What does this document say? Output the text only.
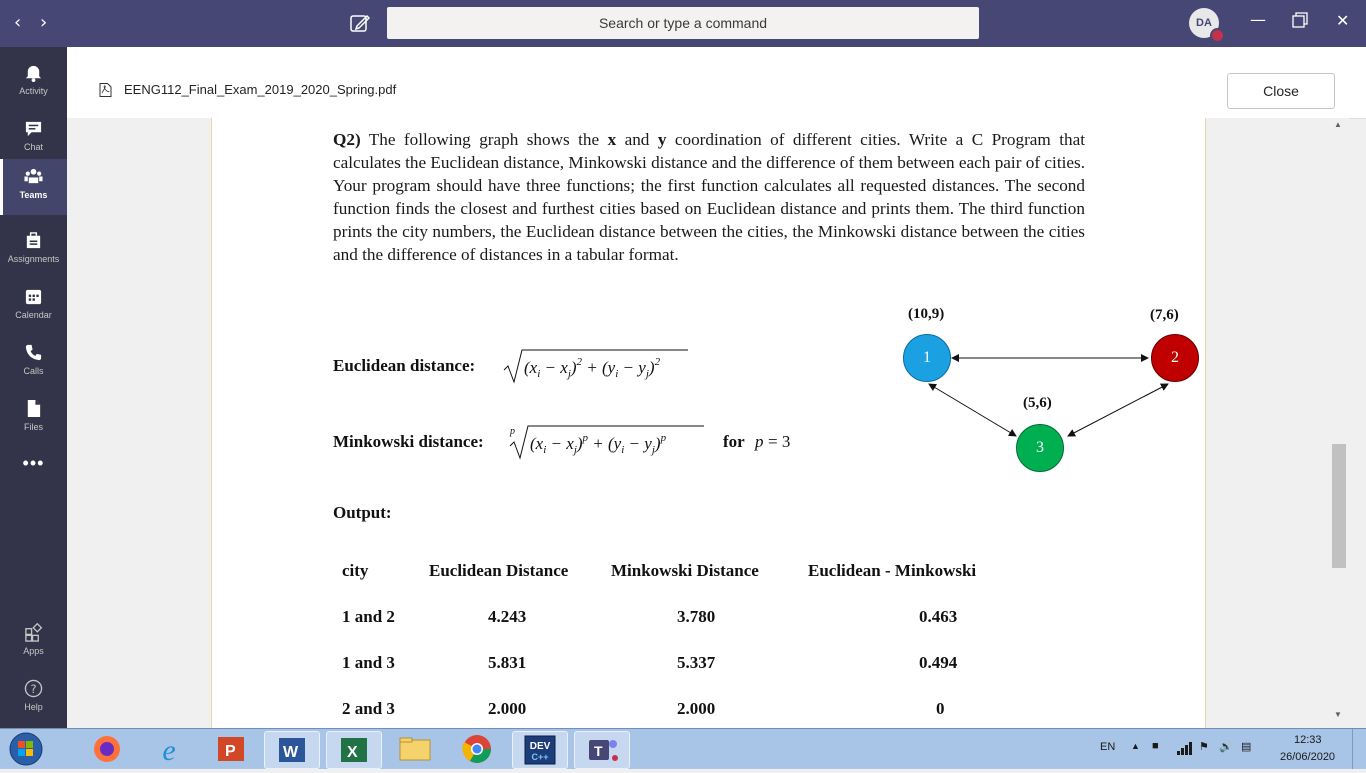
‹ ›	Search or type a command	DA	—	✕
Activity
Chat
Teams
Assignments
Calendar
Calls
Files
•••
Apps
?
Help
EENG112_Final_Exam_2019_2020_Spring.pdf	Close
Q2) The following graph shows the x and y coordination of different cities. Write a C Program that calculates the Euclidean distance, Minkowski distance and the difference of them between each pair of cities. Your program should have three functions; the first function calculates all requested distances. The second function finds the closest and furthest cities based on Euclidean distance and prints them. The third function prints the city numbers, the Euclidean distance between the cities, the Minkowski distance between the cities and the difference of distances in a tabular format.
Euclidean distance:	$(x_i - x_j)^2 + (y_i - y_j)^2$
Minkowski distance:
p
$(x_i - x_j)^p + (y_i - y_j)^p$	for p = 3
1	2
3
(10,9)	(7,6)
(5,6)
Output:
city	Euclidean Distance	Minkowski Distance	Euclidean - Minkowski
1 and 2	4.243	3.780	0.463
1 and 3	5.831	5.337	0.494
2 and 3	2.000	2.000	0
▲
▼
e	P	W	X	DEV
C++	T	EN ▲ ■	⚑ 🔊 ▤
12:33
26/06/2020
